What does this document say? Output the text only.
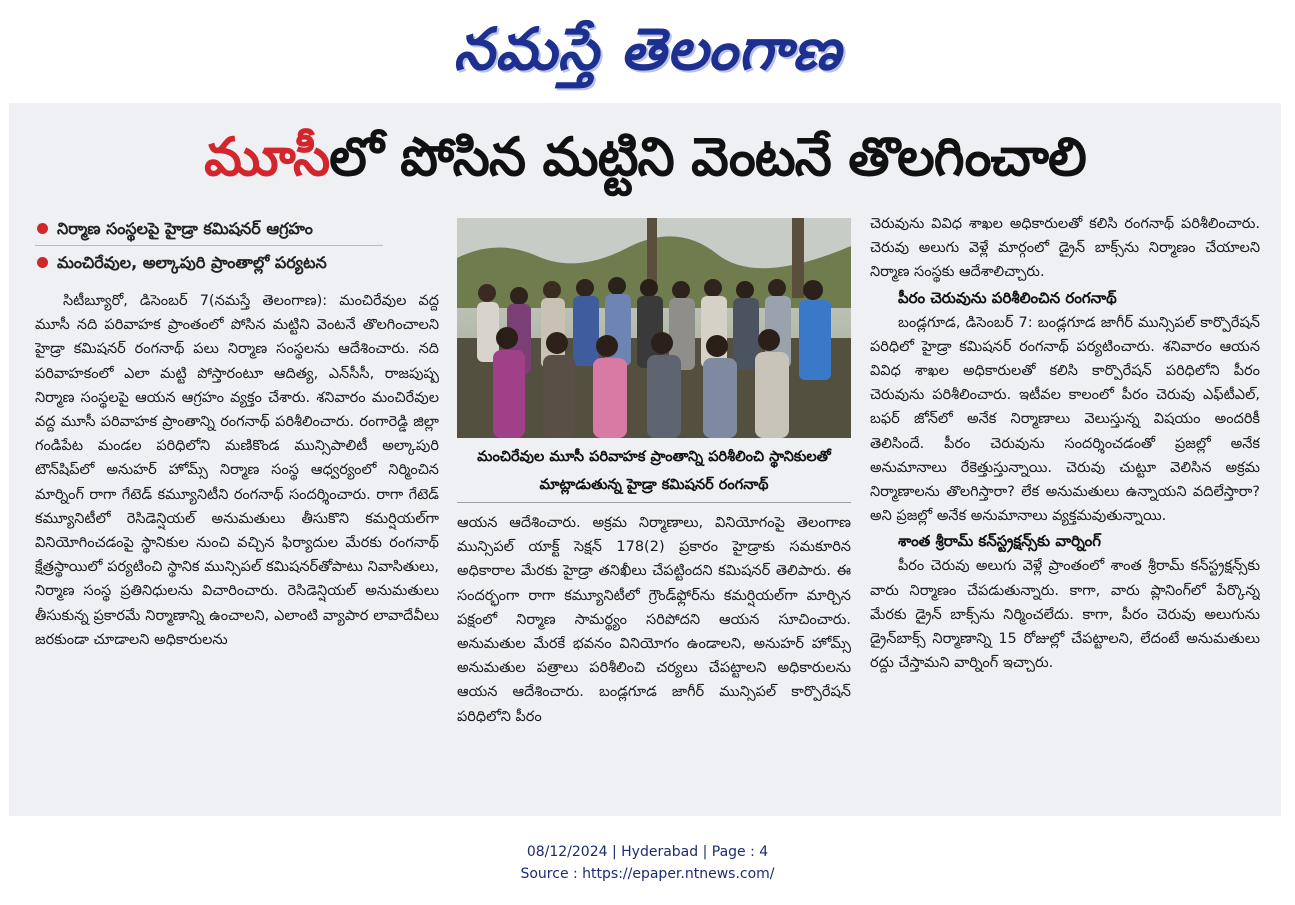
నమస్తే తెలంగాణ
మూసీలో పోసిన మట్టిని వెంటనే తొలగించాలి
నిర్మాణ సంస్థలపై హైడ్రా కమిషనర్ ఆగ్రహం
మంచిరేవుల, అల్కాపురి ప్రాంతాల్లో పర్యటన

సిటీబ్యూరో, డిసెంబర్ 7(నమస్తే తెలంగాణ): మంచిరేవుల వద్ద మూసీ నది పరివాహక ప్రాంతంలో పోసిన మట్టిని వెంటనే తొలగించాలని హైడ్రా కమిషనర్ రంగనాథ్ పలు నిర్మాణ సంస్థలను ఆదేశించారు. నది పరివాహకంలో ఎలా మట్టి పోస్తారంటూ ఆదిత్య, ఎన్‌సీసీ, రాజపుష్ప నిర్మాణ సంస్థలపై ఆయన ఆగ్రహం వ్యక్తం చేశారు. శనివారం మంచిరేవుల వద్ద మూసీ పరివాహక ప్రాంతాన్ని రంగనాథ్ పరిశీలించారు. రంగారెడ్డి జిల్లా గండిపేట మండల పరిధిలోని మణికొండ మున్సిపాలిటీ అల్కాపురి టౌన్‌షిప్‌లో అనుహర్ హోమ్స్ నిర్మాణ సంస్థ ఆధ్వర్యంలో నిర్మించిన మార్నింగ్ రాగా గేటెడ్ కమ్యూనిటీని రంగనాథ్ సందర్శించారు. రాగా గేటెడ్ కమ్యూనిటీలో రెసిడెన్షియల్ అనుమతులు తీసుకొని కమర్షియల్‌గా వినియోగించడంపై స్థానికుల నుంచి వచ్చిన ఫిర్యాదుల మేరకు రంగనాథ్ క్షేత్రస్థాయిలో పర్యటించి స్థానిక మున్సిపల్ కమిషనర్‌తోపాటు నివాసితులు, నిర్మాణ సంస్థ ప్రతినిధులను విచారించారు. రెసిడెన్షియల్ అనుమతులు తీసుకున్న ప్రకారమే నిర్మాణాన్ని ఉంచాలని, ఎలాంటి వ్యాపార లావాదేవీలు జరకుండా చూడాలని అధికారులను

మంచిరేవుల మూసీ పరివాహక ప్రాంతాన్ని పరిశీలించి స్థానికులతో మాట్లాడుతున్న హైడ్రా కమిషనర్ రంగనాథ్

ఆయన ఆదేశించారు. అక్రమ నిర్మాణాలు, వినియోగంపై తెలంగాణ మున్సిపల్ యాక్ట్ సెక్షన్ 178(2) ప్రకారం హైడ్రాకు సమకూరిన అధికారాల మేరకు హైడ్రా తనిఖీలు చేపట్టిందని కమిషనర్ తెలిపారు. ఈ సందర్భంగా రాగా కమ్యూనిటీలో గ్రౌండ్‌ఫ్లోర్‌ను కమర్షియల్‌గా మార్చిన పక్షంలో నిర్మాణ సామర్థ్యం సరిపోదని ఆయన సూచించారు. అనుమతుల మేరకే భవనం వినియోగం ఉండాలని, అనుహర్ హోమ్స్ అనుమతుల పత్రాలు పరిశీలించి చర్యలు చేపట్టాలని అధికారులను ఆయన ఆదేశించారు. బండ్లగూడ జాగీర్ మున్సిపల్ కార్పొరేషన్ పరిధిలోని పీరం

చెరువును వివిధ శాఖల అధికారులతో కలిసి రంగనాథ్ పరిశీలించారు. చెరువు అలుగు వెళ్లే మార్గంలో డ్రైన్ బాక్స్‌ను నిర్మాణం చేయాలని నిర్మాణ సంస్థకు ఆదేశాలిచ్చారు.

పీరం చెరువును పరిశీలించిన రంగనాథ్

బండ్లగూడ, డిసెంబర్ 7: బండ్లగూడ జాగీర్ మున్సిపల్ కార్పొరేషన్ పరిధిలో హైడ్రా కమిషనర్ రంగనాథ్ పర్యటించారు. శనివారం ఆయన వివిధ శాఖల అధికారులతో కలిసి కార్పొరేషన్ పరిధిలోని పీరం చెరువును పరిశీలించారు. ఇటీవల కాలంలో పీరం చెరువు ఎఫ్‌టీఎల్, బఫర్ జోన్‌లో అనేక నిర్మాణాలు వెలుస్తున్న విషయం అందరికీ తెలిసిందే. పీరం చెరువును సందర్శించడంతో ప్రజల్లో అనేక అనుమానాలు రేకెత్తుస్తున్నాయి. చెరువు చుట్టూ వెలిసిన అక్రమ నిర్మాణాలను తొలగిస్తారా? లేక అనుమతులు ఉన్నాయని వదిలేస్తారా? అని ప్రజల్లో అనేక అనుమానాలు వ్యక్తమవుతున్నాయి.

శాంత శ్రీరామ్ కన్‌స్ట్రక్షన్స్‌కు వార్నింగ్

పీరం చెరువు అలుగు వెళ్లే ప్రాంతంలో శాంత శ్రీరామ్ కన్‌స్ట్రక్షన్స్‌కు వారు నిర్మాణం చేపడుతున్నారు. కాగా, వారు ప్లానింగ్‌లో పేర్కొన్న మేరకు డ్రైన్ బాక్స్‌ను నిర్మించలేదు. కాగా, పీరం చెరువు అలుగును డ్రైన్‌బాక్స్ నిర్మాణాన్ని 15 రోజుల్లో చేపట్టాలని, లేదంటే అనుమతులు రద్దు చేస్తామని వార్నింగ్ ఇచ్చారు.

08/12/2024 | Hyderabad | Page : 4
Source : https://epaper.ntnews.com/
